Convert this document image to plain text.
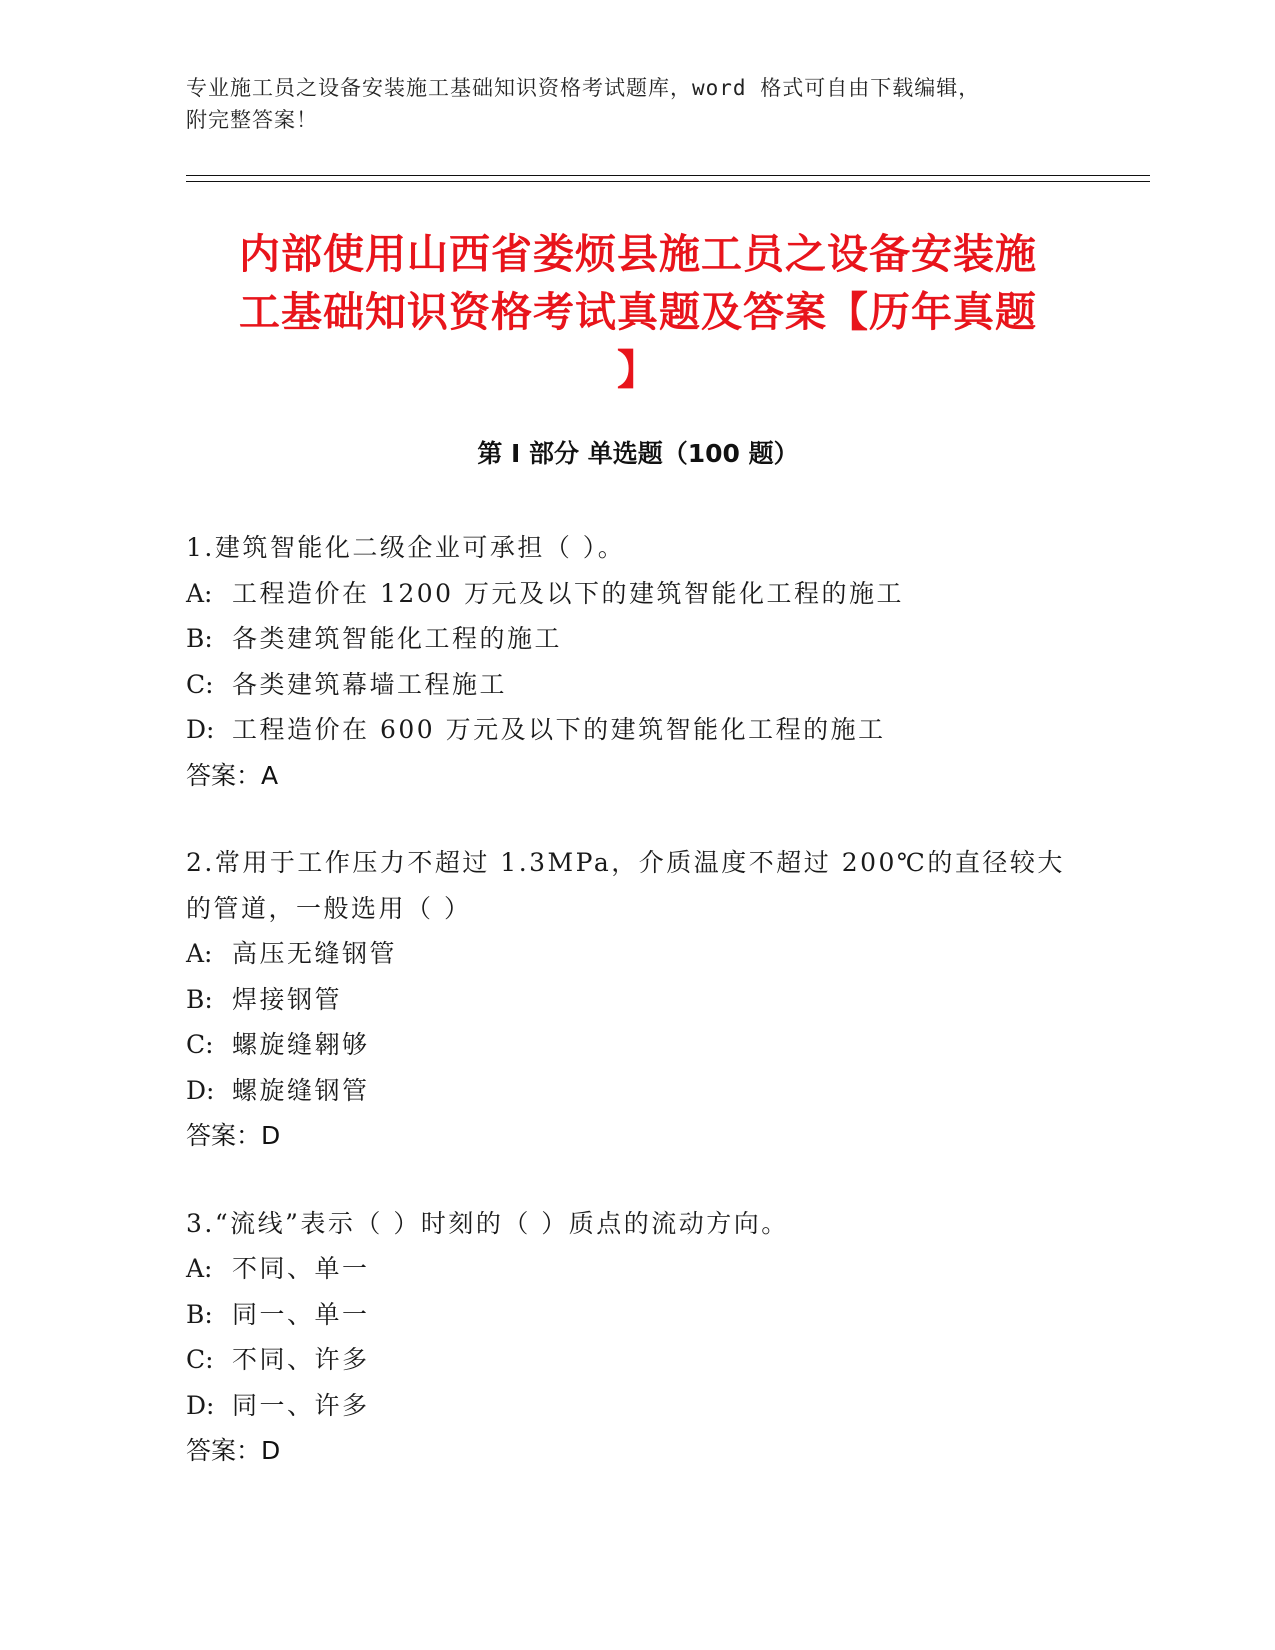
专业施工员之设备安装施工基础知识资格考试题库，word 格式可自由下载编辑，
附完整答案！
内部使用山西省娄烦县施工员之设备安装施
工基础知识资格考试真题及答案【历年真题
】
第 I 部分 单选题（100 题）
1.建筑智能化二级企业可承担（ ）。
A: 工程造价在 1200 万元及以下的建筑智能化工程的施工
B: 各类建筑智能化工程的施工
C: 各类建筑幕墙工程施工
D: 工程造价在 600 万元及以下的建筑智能化工程的施工
答案：A
2.常用于工作压力不超过 1.3MPa，介质温度不超过 200℃的直径较大的管道，一般选用（ ）
A: 高压无缝钢管
B: 焊接钢管
C: 螺旋缝翱够
D: 螺旋缝钢管
答案：D
3.“流线”表示（ ）时刻的（ ）质点的流动方向。
A: 不同、单一
B: 同一、单一
C: 不同、许多
D: 同一、许多
答案：D
